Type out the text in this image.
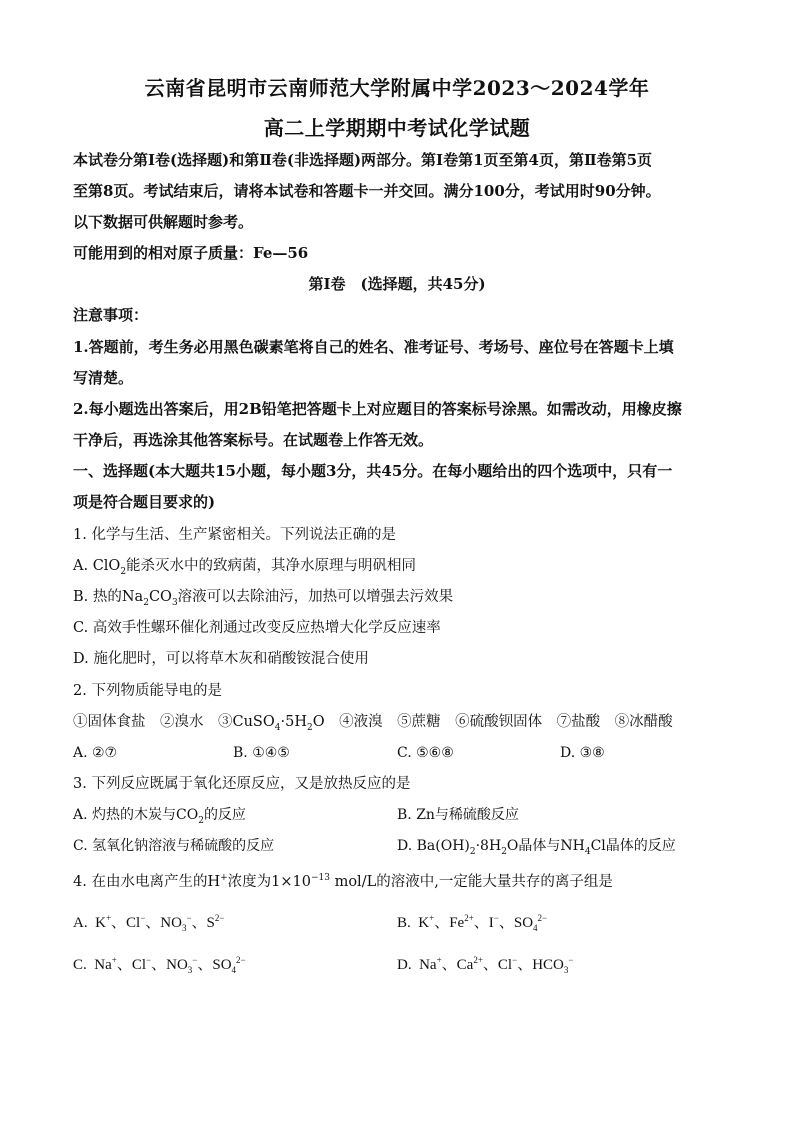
云南省昆明市云南师范大学附属中学2023～2024学年
高二上学期期中考试化学试题
本试卷分第Ⅰ卷(选择题)和第Ⅱ卷(非选择题)两部分。第Ⅰ卷第1页至第4页，第Ⅱ卷第5页
至第8页。考试结束后，请将本试卷和答题卡一并交回。满分100分，考试用时90分钟。
以下数据可供解题时参考。
可能用到的相对原子质量：Fe—56
第Ⅰ卷　(选择题，共45分)
注意事项：
1.答题前，考生务必用黑色碳素笔将自己的姓名、准考证号、考场号、座位号在答题卡上填
写清楚。
2.每小题选出答案后，用2B铅笔把答题卡上对应题目的答案标号涂黑。如需改动，用橡皮擦
干净后，再选涂其他答案标号。在试题卷上作答无效。
一、选择题(本大题共15小题，每小题3分，共45分。在每小题给出的四个选项中，只有一
项是符合题目要求的)
1. 化学与生活、生产紧密相关。下列说法正确的是
A. ClO$_2$能杀灭水中的致病菌，其净水原理与明矾相同
B. 热的$Na_2CO_3$溶液可以去除油污，加热可以增强去污效果
C. 高效手性螺环催化剂通过改变反应热增大化学反应速率
D. 施化肥时，可以将草木灰和硝酸铵混合使用
2. 下列物质能导电的是
①固体食盐　②溴水　$③CuSO_4\cdot 5H_2O$　④液溴　⑤蔗糖　⑥硫酸钡固体　⑦盐酸　⑧冰醋酸
A. ②⑦	B. ①④⑤	C. ⑤⑥⑧	D. ③⑧
3. 下列反应既属于氧化还原反应，又是放热反应的是
A. 灼热的木炭与$CO_2$的反应	B. Zn与稀硫酸反应
C. 氢氧化钠溶液与稀硫酸的反应	D. $Ba(OH)_2\cdot 8H_2O$晶体与$NH_4Cl$晶体的反应
4. 在由水电离产生的H+浓度为$1\times 10^{-13}$ mol/L的溶液中,一定能大量共存的离子组是
A.  K+、Cl−、$NO_3^-$、$S^{2-}$	B.  K+、$Fe^{2+}$、I−、$SO_4^{2-}$
C.  Na+、Cl−、$NO_3^-$、$SO_4^{2-}$	D.  Na+、$Ca^{2+}$、Cl−、$HCO_3^-$
